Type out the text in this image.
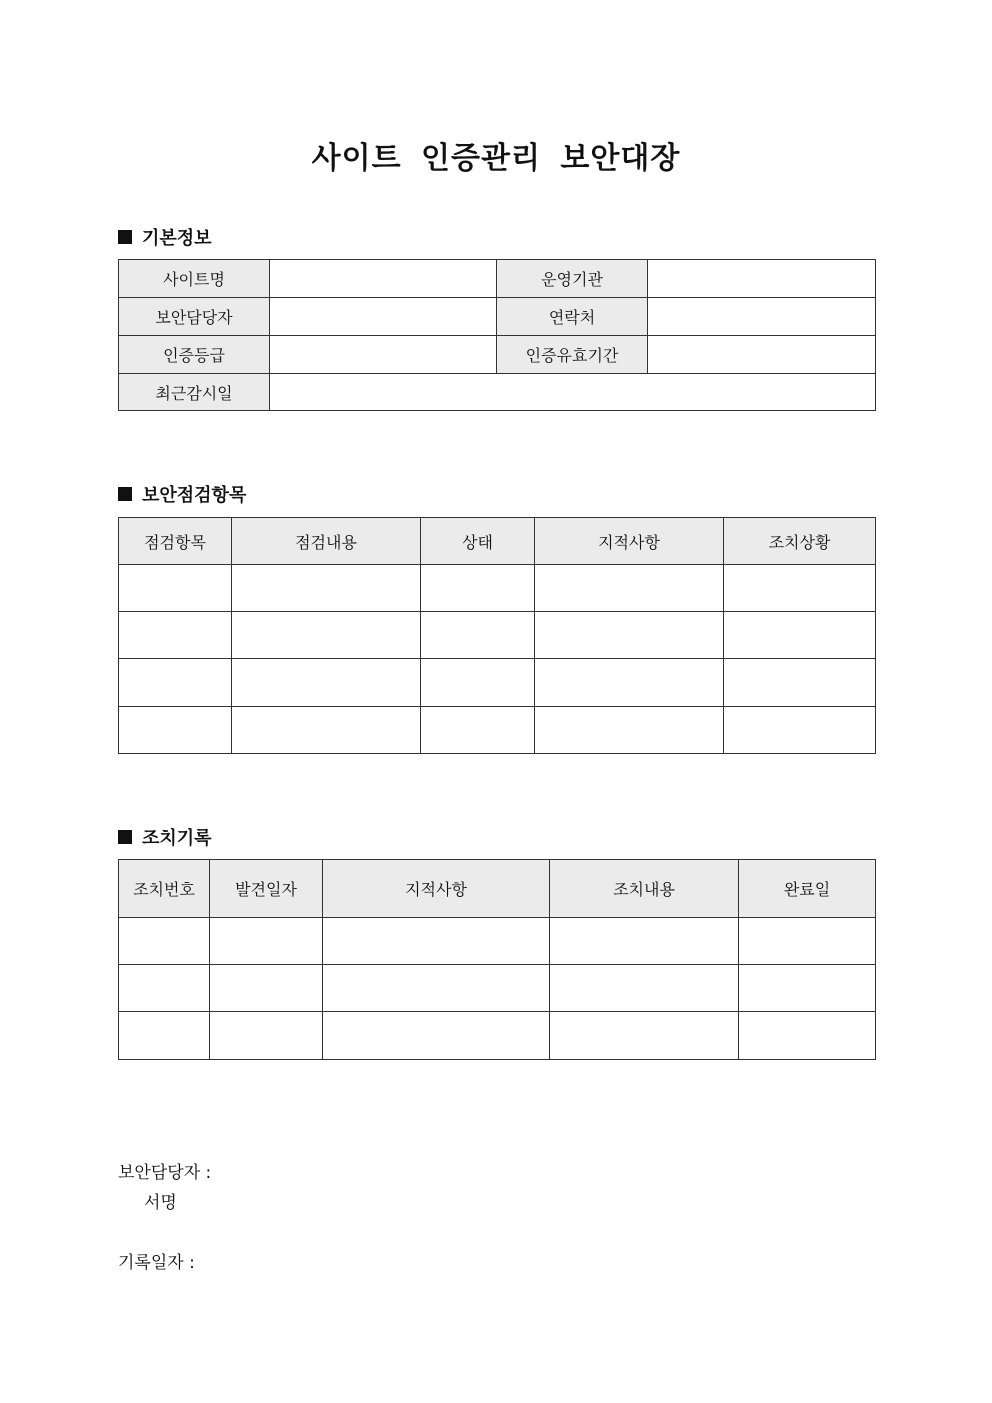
사이트 인증관리 보안대장
기본정보
사이트명		운영기관	
보안담당자		연락처	
인증등급		인증유효기간	
최근감시일			
보안점검항목
점검항목	점검내용	상태	지적사항	조치상황

조치기록
조치번호	발견일자	지적사항	조치내용	완료일

보안담당자 :
서명
기록일자 :
